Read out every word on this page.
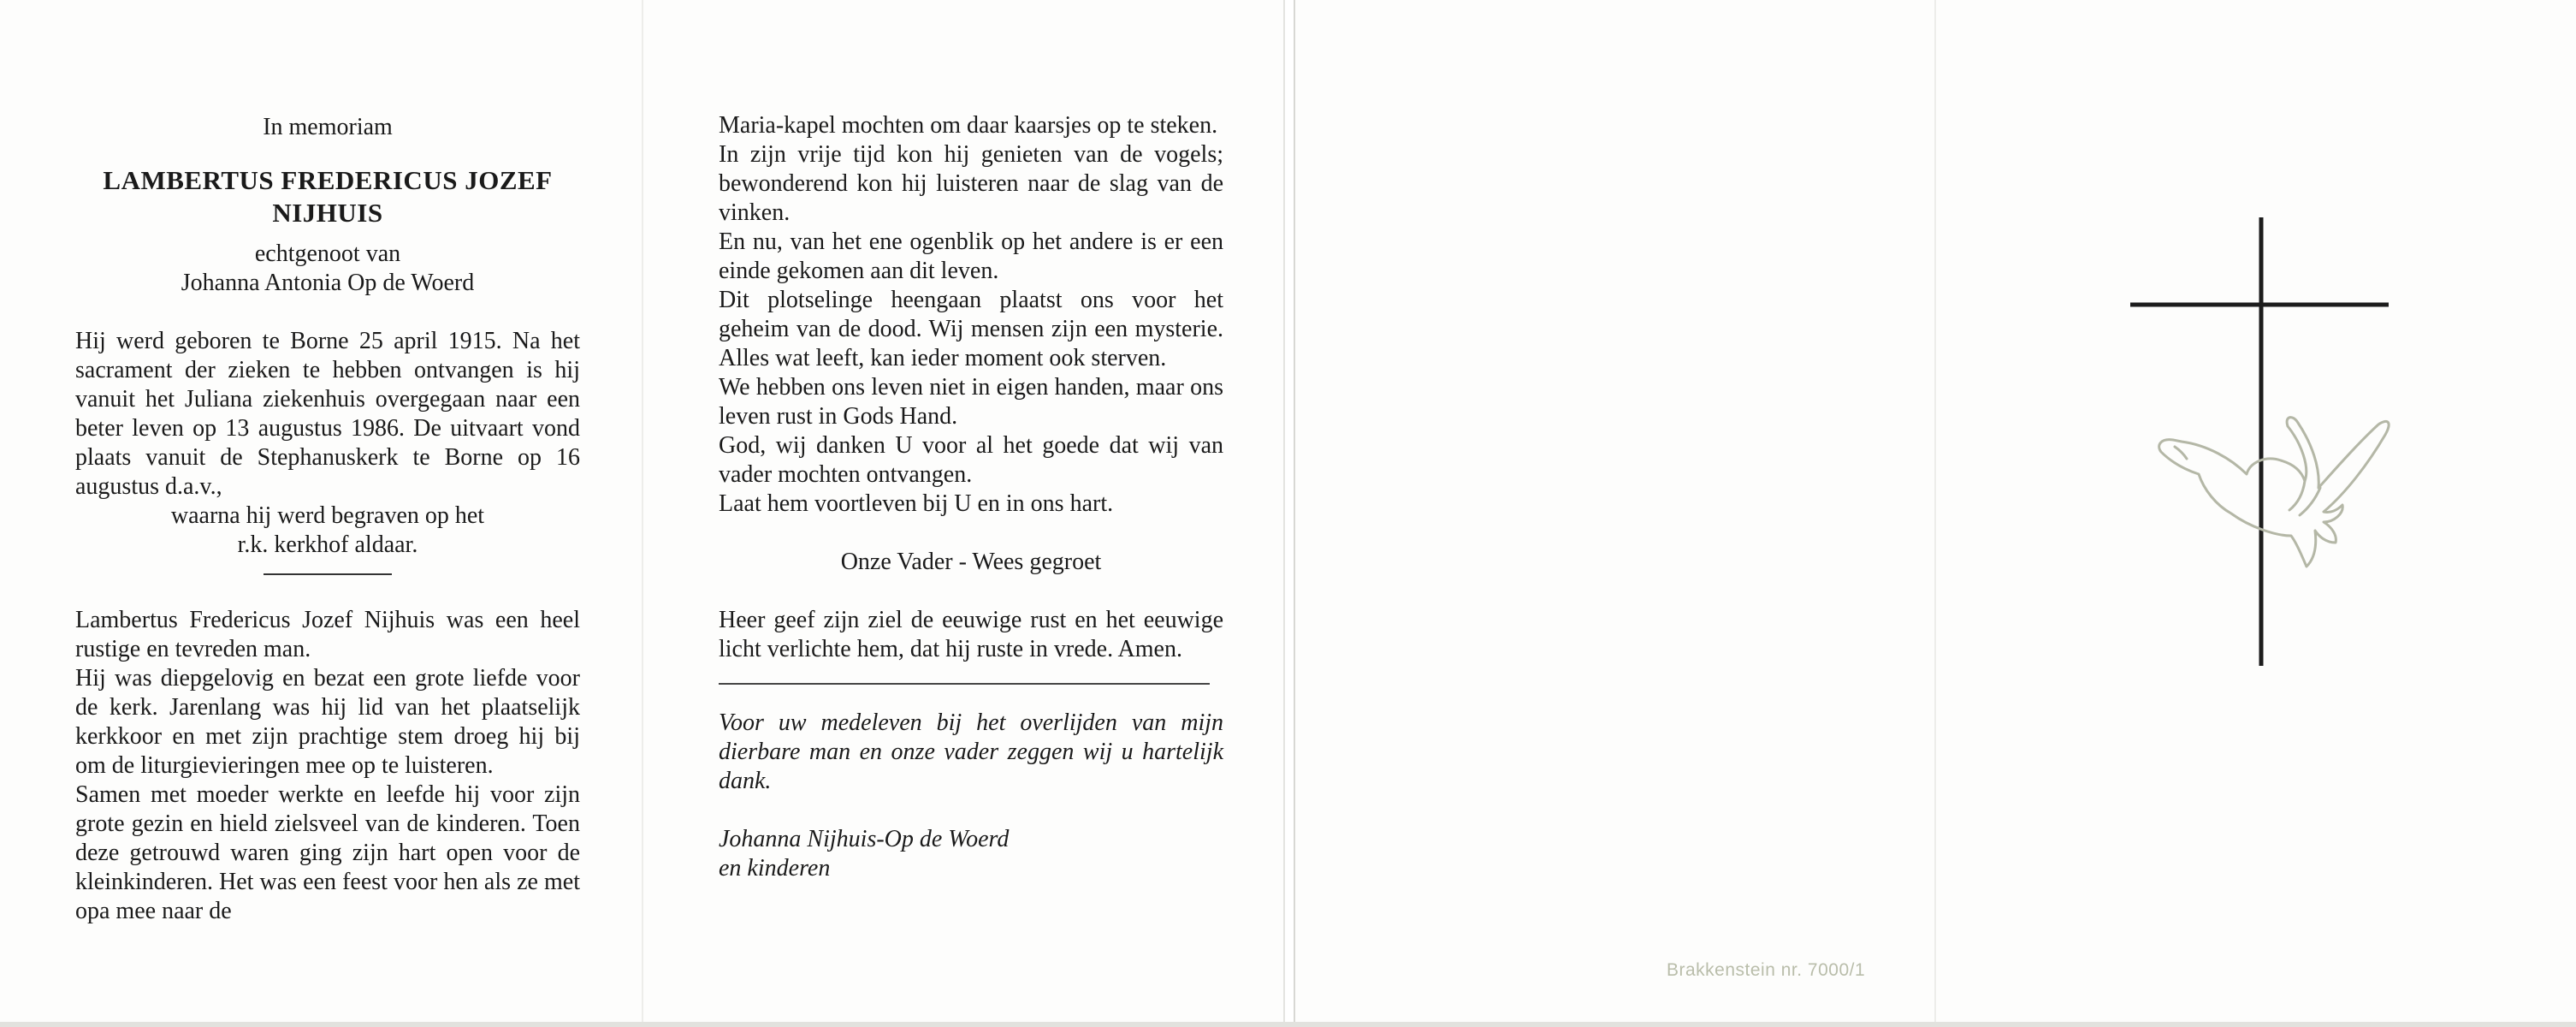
In memoriam

LAMBERTUS FREDERICUS JOZEF
NIJHUIS
echtgenoot van
Johanna Antonia Op de Woerd

Hij werd geboren te Borne 25 april 1915. Na het sacrament der zieken te hebben ontvangen is hij vanuit het Juliana ziekenhuis overgegaan naar een beter leven op 13 augustus 1986. De uitvaart vond plaats vanuit de Stephanuskerk te Borne op 16 augustus d.a.v.,

waarna hij werd begraven op het

r.k. kerkhof aldaar.

Lambertus Fredericus Jozef Nijhuis was een heel rustige en tevreden man.

Hij was diepgelovig en bezat een grote liefde voor de kerk. Jarenlang was hij lid van het plaatselijk kerkkoor en met zijn prachtige stem droeg hij bij om de liturgievieringen mee op te luisteren.

Samen met moeder werkte en leefde hij voor zijn grote gezin en hield zielsveel van de kinderen. Toen deze getrouwd waren ging zijn hart open voor de kleinkinderen. Het was een feest voor hen als ze met opa mee naar de

Maria-kapel mochten om daar kaarsjes op te steken.

In zijn vrije tijd kon hij genieten van de vogels; bewonderend kon hij luisteren naar de slag van de vinken.

En nu, van het ene ogenblik op het andere is er een einde gekomen aan dit leven.

Dit plotselinge heengaan plaatst ons voor het geheim van de dood. Wij mensen zijn een mysterie. Alles wat leeft, kan ieder moment ook sterven.

We hebben ons leven niet in eigen handen, maar ons leven rust in Gods Hand.

God, wij danken U voor al het goede dat wij van vader mochten ontvangen.

Laat hem voortleven bij U en in ons hart.

Onze Vader - Wees gegroet

Heer geef zijn ziel de eeuwige rust en het eeuwige licht verlichte hem, dat hij ruste in vrede. Amen.

Voor uw medeleven bij het overlijden van mijn dierbare man en onze vader zeggen wij u hartelijk dank.

Johanna Nijhuis-Op de Woerd
en kinderen
Brakkenstein nr. 7000/1
